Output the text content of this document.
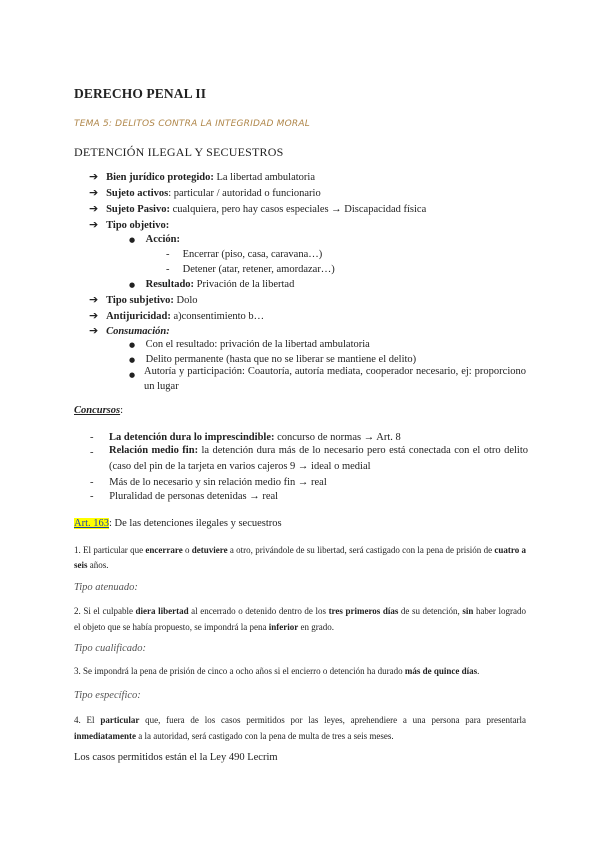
DERECHO PENAL II
TEMA 5: DELITOS CONTRA LA INTEGRIDAD MORAL
DETENCIÓN ILEGAL Y SECUESTROS
➔ Bien jurídico protegido: La libertad ambulatoria
➔ Sujeto activos: particular / autoridad o funcionario
➔ Sujeto Pasivo: cualquiera, pero hay casos especiales → Discapacidad física
➔ Tipo objetivo:
● Acción:
- Encerrar (piso, casa, caravana…)
- Detener (atar, retener, amordazar…)
● Resultado: Privación de la libertad
➔ Tipo subjetivo: Dolo
➔ Antijuricidad: a)consentimiento b…
➔ Consumación:
● Con el resultado: privación de la libertad ambulatoria
● Delito permanente (hasta que no se liberar se mantiene el delito)
● Autoría y participación: Coautoría, autoría mediata, cooperador necesario, ej: proporciono un lugar
Concursos:
- La detención dura lo imprescindible: concurso de normas → Art. 8
- Relación medio fin: la detención dura más de lo necesario pero está conectada con el otro delito (caso del pin de la tarjeta en varios cajeros 9 → ideal o medial
- Más de lo necesario y sin relación medio fin → real
- Pluralidad de personas detenidas → real
Art. 163: De las detenciones ilegales y secuestros
1. El particular que encerrare o detuviere a otro, privándole de su libertad, será castigado con la pena de prisión de cuatro a seis años.
Tipo atenuado:
2. Si el culpable diera libertad al encerrado o detenido dentro de los tres primeros días de su detención, sin haber logrado el objeto que se había propuesto, se impondrá la pena inferior en grado.
Tipo cualificado:
3. Se impondrá la pena de prisión de cinco a ocho años si el encierro o detención ha durado más de quince días.
Tipo específico:
4. El particular que, fuera de los casos permitidos por las leyes, aprehendiere a una persona para presentarla inmediatamente a la autoridad, será castigado con la pena de multa de tres a seis meses.
Los casos permitidos están el la Ley 490 Lecrim
